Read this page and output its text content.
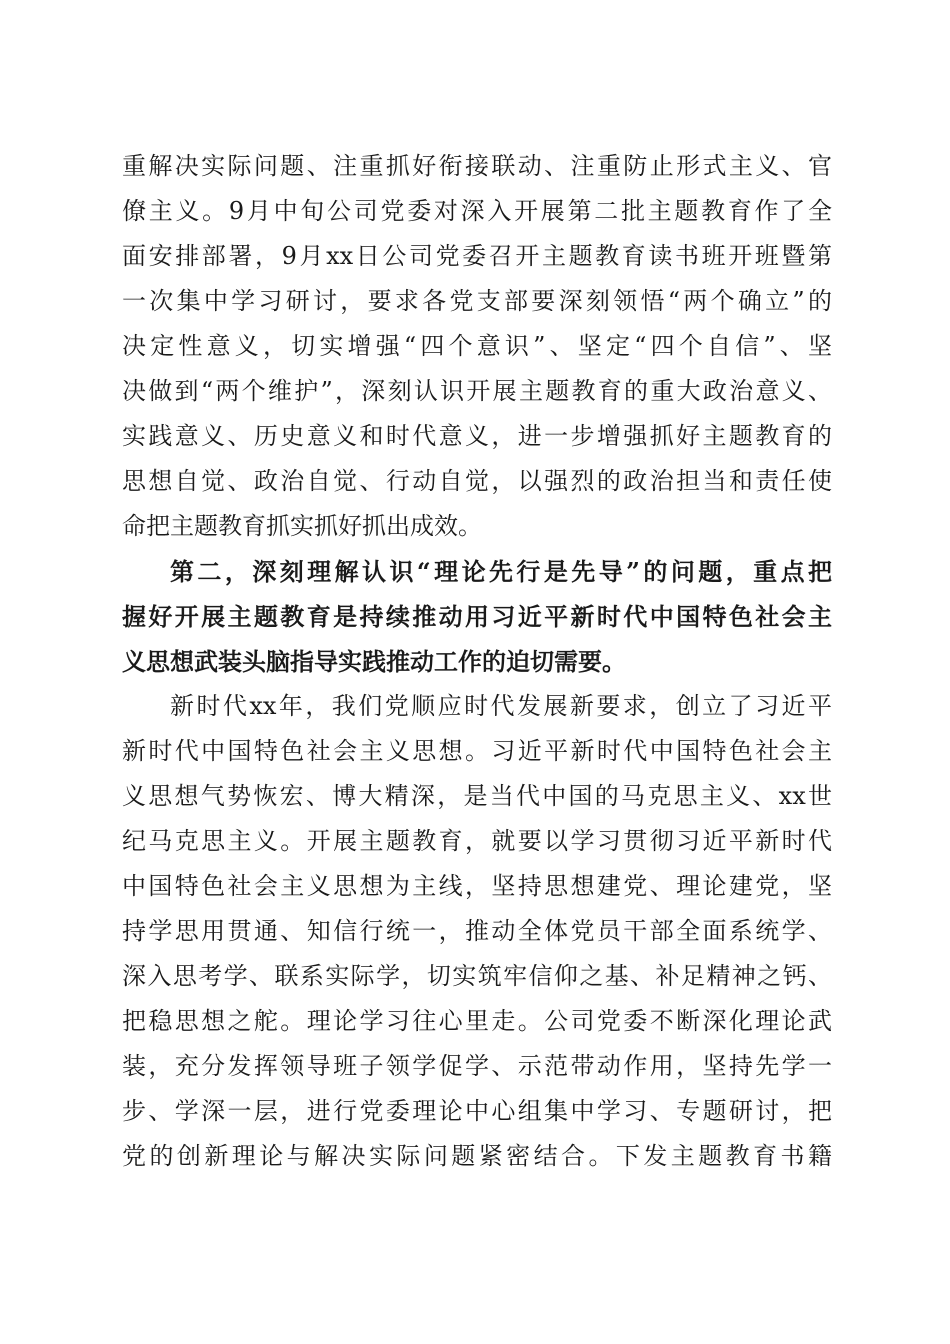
重解决实际问题、注重抓好衔接联动、注重防止形式主义、官
僚主义。9月中旬公司党委对深入开展第二批主题教育作了全
面安排部署，9月xx日公司党委召开主题教育读书班开班暨第
一次集中学习研讨，要求各党支部要深刻领悟“两个确立”的
决定性意义，切实增强“四个意识”、坚定“四个自信”、坚
决做到“两个维护”，深刻认识开展主题教育的重大政治意义、
实践意义、历史意义和时代意义，进一步增强抓好主题教育的
思想自觉、政治自觉、行动自觉，以强烈的政治担当和责任使
命把主题教育抓实抓好抓出成效。
第二，深刻理解认识“理论先行是先导”的问题，重点把
握好开展主题教育是持续推动用习近平新时代中国特色社会主
义思想武装头脑指导实践推动工作的迫切需要。
新时代xx年，我们党顺应时代发展新要求，创立了习近平
新时代中国特色社会主义思想。习近平新时代中国特色社会主
义思想气势恢宏、博大精深，是当代中国的马克思主义、xx世
纪马克思主义。开展主题教育，就要以学习贯彻习近平新时代
中国特色社会主义思想为主线，坚持思想建党、理论建党，坚
持学思用贯通、知信行统一，推动全体党员干部全面系统学、
深入思考学、联系实际学，切实筑牢信仰之基、补足精神之钙、
把稳思想之舵。理论学习往心里走。公司党委不断深化理论武
装，充分发挥领导班子领学促学、示范带动作用，坚持先学一
步、学深一层，进行党委理论中心组集中学习、专题研讨，把
党的创新理论与解决实际问题紧密结合。下发主题教育书籍
